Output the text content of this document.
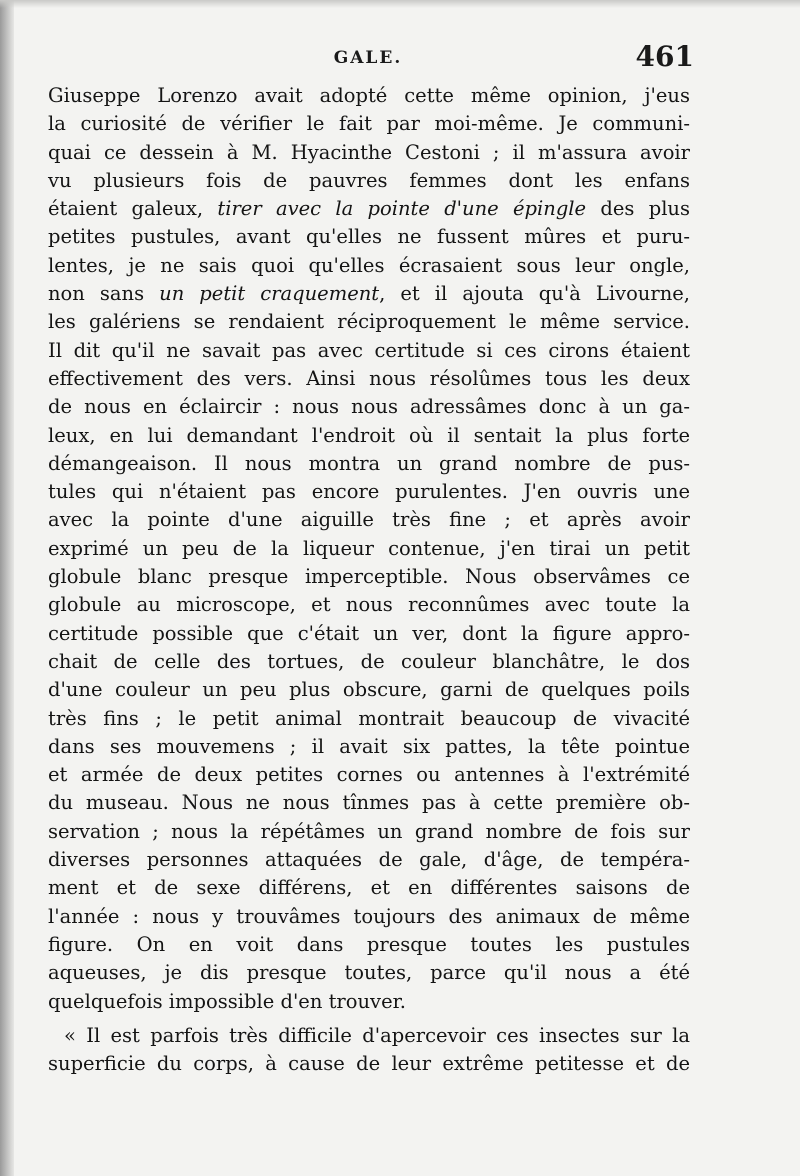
GALE.	461
Giuseppe Lorenzo avait adopté cette même opinion, j'eus
la curiosité de vérifier le fait par moi-même. Je communi-
quai ce dessein à M. Hyacinthe Cestoni ; il m'assura avoir
vu plusieurs fois de pauvres femmes dont les enfans
étaient galeux, tirer avec la pointe d'une épingle des plus
petites pustules, avant qu'elles ne fussent mûres et puru-
lentes, je ne sais quoi qu'elles écrasaient sous leur ongle,
non sans un petit craquement, et il ajouta qu'à Livourne,
les galériens se rendaient réciproquement le même service.
Il dit qu'il ne savait pas avec certitude si ces cirons étaient
effectivement des vers. Ainsi nous résolûmes tous les deux
de nous en éclaircir : nous nous adressâmes donc à un ga-
leux, en lui demandant l'endroit où il sentait la plus forte
démangeaison. Il nous montra un grand nombre de pus-
tules qui n'étaient pas encore purulentes. J'en ouvris une
avec la pointe d'une aiguille très fine ; et après avoir
exprimé un peu de la liqueur contenue, j'en tirai un petit
globule blanc presque imperceptible. Nous observâmes ce
globule au microscope, et nous reconnûmes avec toute la
certitude possible que c'était un ver, dont la figure appro-
chait de celle des tortues, de couleur blanchâtre, le dos
d'une couleur un peu plus obscure, garni de quelques poils
très fins ; le petit animal montrait beaucoup de vivacité
dans ses mouvemens ; il avait six pattes, la tête pointue
et armée de deux petites cornes ou antennes à l'extrémité
du museau. Nous ne nous tînmes pas à cette première ob-
servation ; nous la répétâmes un grand nombre de fois sur
diverses personnes attaquées de gale, d'âge, de tempéra-
ment et de sexe différens, et en différentes saisons de
l'année : nous y trouvâmes toujours des animaux de même
figure. On en voit dans presque toutes les pustules
aqueuses, je dis presque toutes, parce qu'il nous a été
quelquefois impossible d'en trouver.
« Il est parfois très difficile d'apercevoir ces insectes sur la
superficie du corps, à cause de leur extrême petitesse et de
